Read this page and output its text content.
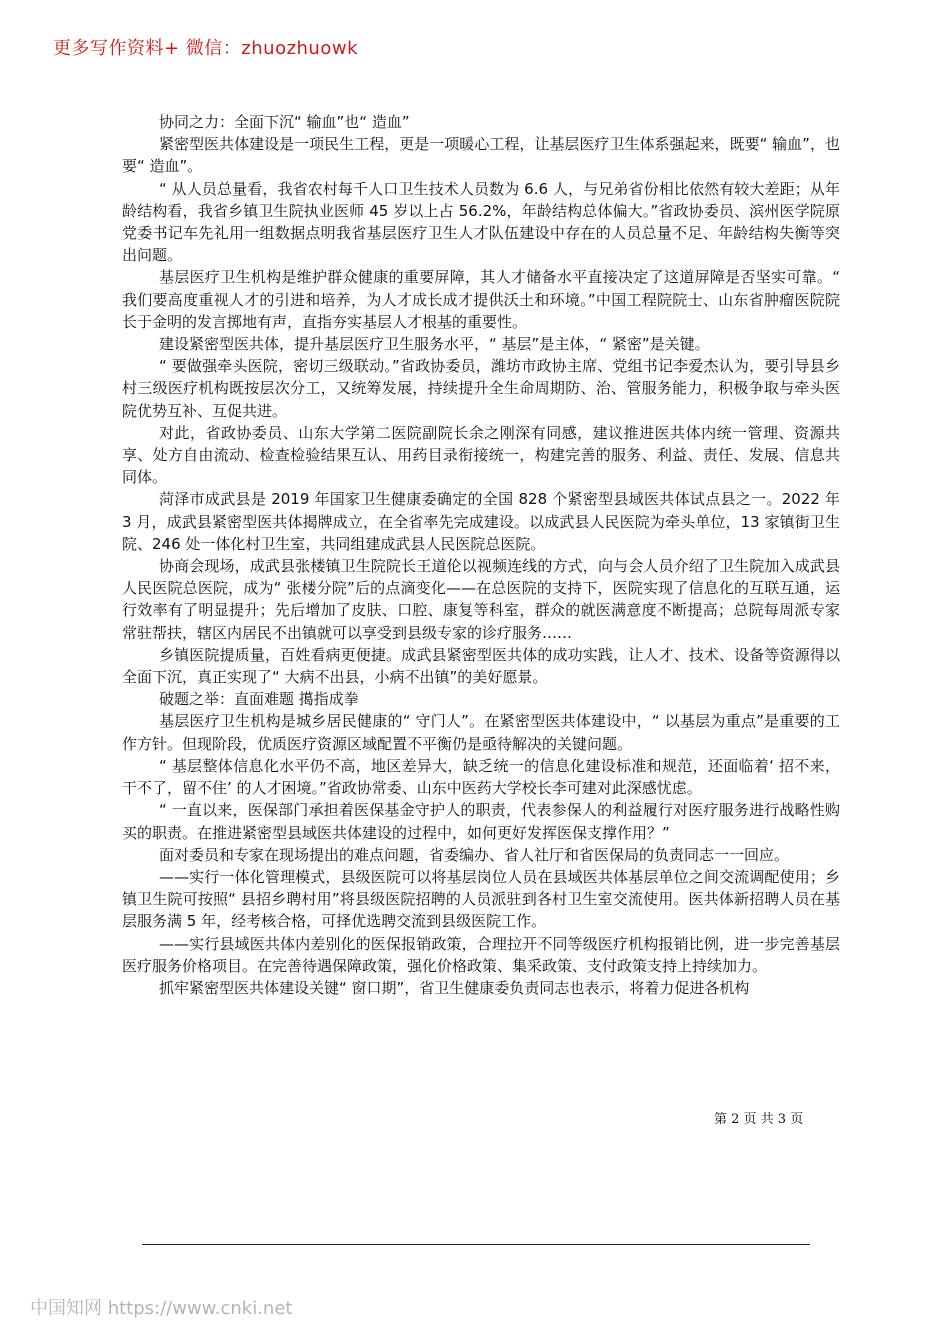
更多写作资料+ 微信：zhuozhuowk

协同之力：全面下沉“ 输血”也“ 造血”

紧密型医共体建设是一项民生工程，更是一项暖心工程，让基层医疗卫生体系强起来，既要“ 输血”，也要“ 造血”。

“ 从人员总量看，我省农村每千人口卫生技术人员数为 6.6 人，与兄弟省份相比依然有较大差距；从年龄结构看，我省乡镇卫生院执业医师 45 岁以上占 56.2%，年龄结构总体偏大。”省政协委员、滨州医学院原党委书记车先礼用一组数据点明我省基层医疗卫生人才队伍建设中存在的人员总量不足、年龄结构失衡等突出问题。

基层医疗卫生机构是维护群众健康的重要屏障，其人才储备水平直接决定了这道屏障是否坚实可靠。“ 我们要高度重视人才的引进和培养，为人才成长成才提供沃土和环境。”中国工程院院士、山东省肿瘤医院院长于金明的发言掷地有声，直指夯实基层人才根基的重要性。

建设紧密型医共体，提升基层医疗卫生服务水平，“ 基层”是主体，“ 紧密”是关键。

“ 要做强牵头医院，密切三级联动。”省政协委员，潍坊市政协主席、党组书记李爱杰认为，要引导县乡村三级医疗机构既按层次分工，又统筹发展，持续提升全生命周期防、治、管服务能力，积极争取与牵头医院优势互补、互促共进。

对此，省政协委员、山东大学第二医院副院长余之刚深有同感，建议推进医共体内统一管理、资源共享、处方自由流动、检查检验结果互认、用药目录衔接统一，构建完善的服务、利益、责任、发展、信息共同体。

菏泽市成武县是 2019 年国家卫生健康委确定的全国 828 个紧密型县域医共体试点县之一。2022 年 3 月，成武县紧密型医共体揭牌成立，在全省率先完成建设。以成武县人民医院为牵头单位，13 家镇街卫生院、246 处一体化村卫生室，共同组建成武县人民医院总医院。

协商会现场，成武县张楼镇卫生院院长王道伦以视频连线的方式，向与会人员介绍了卫生院加入成武县人民医院总医院，成为“ 张楼分院”后的点滴变化——在总医院的支持下，医院实现了信息化的互联互通，运行效率有了明显提升；先后增加了皮肤、口腔、康复等科室，群众的就医满意度不断提高；总院每周派专家常驻帮扶，辖区内居民不出镇就可以享受到县级专家的诊疗服务……

乡镇医院提质量，百姓看病更便捷。成武县紧密型医共体的成功实践，让人才、技术、设备等资源得以全面下沉，真正实现了“ 大病不出县，小病不出镇”的美好愿景。

破题之举：直面难题 擖指成拳

基层医疗卫生机构是城乡居民健康的“ 守门人”。在紧密型医共体建设中，“ 以基层为重点”是重要的工作方针。但现阶段，优质医疗资源区域配置不平衡仍是亟待解决的关键问题。

“ 基层整体信息化水平仍不高，地区差异大，缺乏统一的信息化建设标准和规范，还面临着‘ 招不来，干不了，留不住’ 的人才困境。”省政协常委、山东中医药大学校长李可建对此深感忧虑。

“ 一直以来，医保部门承担着医保基金守护人的职责，代表参保人的利益履行对医疗服务进行战略性购买的职责。在推进紧密型县域医共体建设的过程中，如何更好发挥医保支撑作用？”

面对委员和专家在现场提出的难点问题，省委编办、省人社厅和省医保局的负责同志一一回应。

——实行一体化管理模式，县级医院可以将基层岗位人员在县域医共体基层单位之间交流调配使用；乡镇卫生院可按照“ 县招乡聘村用”将县级医院招聘的人员派驻到各村卫生室交流使用。医共体新招聘人员在基层服务满 5 年，经考核合格，可择优选聘交流到县级医院工作。

——实行县域医共体内差别化的医保报销政策，合理拉开不同等级医疗机构报销比例，进一步完善基层医疗服务价格项目。在完善待遇保障政策，强化价格政策、集采政策、支付政策支持上持续加力。

抓牢紧密型医共体建设关键“ 窗口期”，省卫生健康委负责同志也表示，将着力促进各机构

第 2 页 共 3 页
中国知网 https://www.cnki.net
